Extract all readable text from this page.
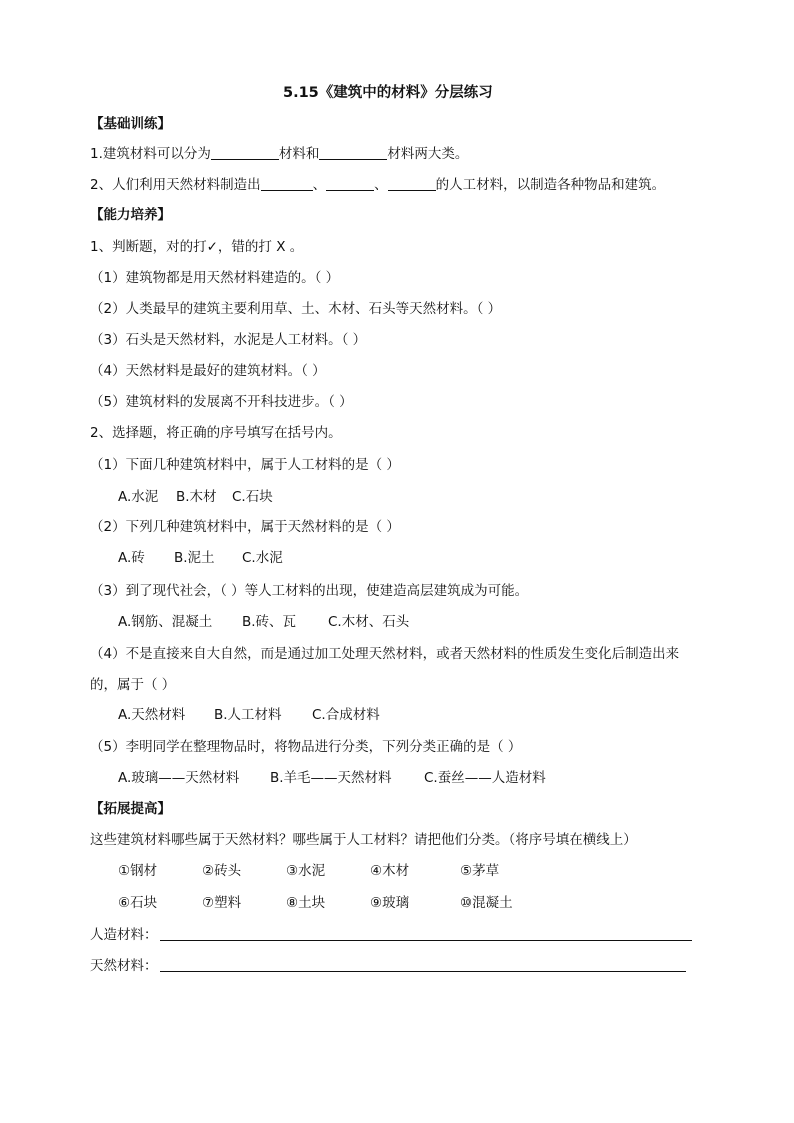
5.15《建筑中的材料》分层练习
【基础训练】
1.建筑材料可以分为	材料和	材料两大类。
2、人们利用天然材料制造出	、	、	的人工材料，以制造各种物品和建筑。
【能力培养】
1、判断题，对的打✓，错的打 X 。
（1）建筑物都是用天然材料建造的。（ ）
（2）人类最早的建筑主要利用草、土、木材、石头等天然材料。（ ）
（3）石头是天然材料，水泥是人工材料。（ ）
（4）天然材料是最好的建筑材料。（ ）
（5）建筑材料的发展离不开科技进步。（ ）
2、选择题，将正确的序号填写在括号内。
（1）下面几种建筑材料中，属于人工材料的是（ ）
A.水泥 B.木材 C.石块
（2）下列几种建筑材料中，属于天然材料的是（ ）
A.砖 B.泥土 C.水泥
（3）到了现代社会，（ ）等人工材料的出现，使建造高层建筑成为可能。
A.钢筋、混凝土 B.砖、瓦 C.木材、石头
（4）不是直接来自大自然，而是通过加工处理天然材料，或者天然材料的性质发生变化后制造出来
的，属于（ ）
A.天然材料 B.人工材料 C.合成材料
（5）李明同学在整理物品时，将物品进行分类，下列分类正确的是（ ）
A.玻璃——天然材料 B.羊毛——天然材料 C.蚕丝——人造材料
【拓展提高】
这些建筑材料哪些属于天然材料？哪些属于人工材料？请把他们分类。（将序号填在横线上）
①钢材	②砖头	③水泥	④木材	⑤茅草
⑥石块	⑦塑料	⑧土块	⑨玻璃	⑩混凝土
人造材料：
天然材料：
